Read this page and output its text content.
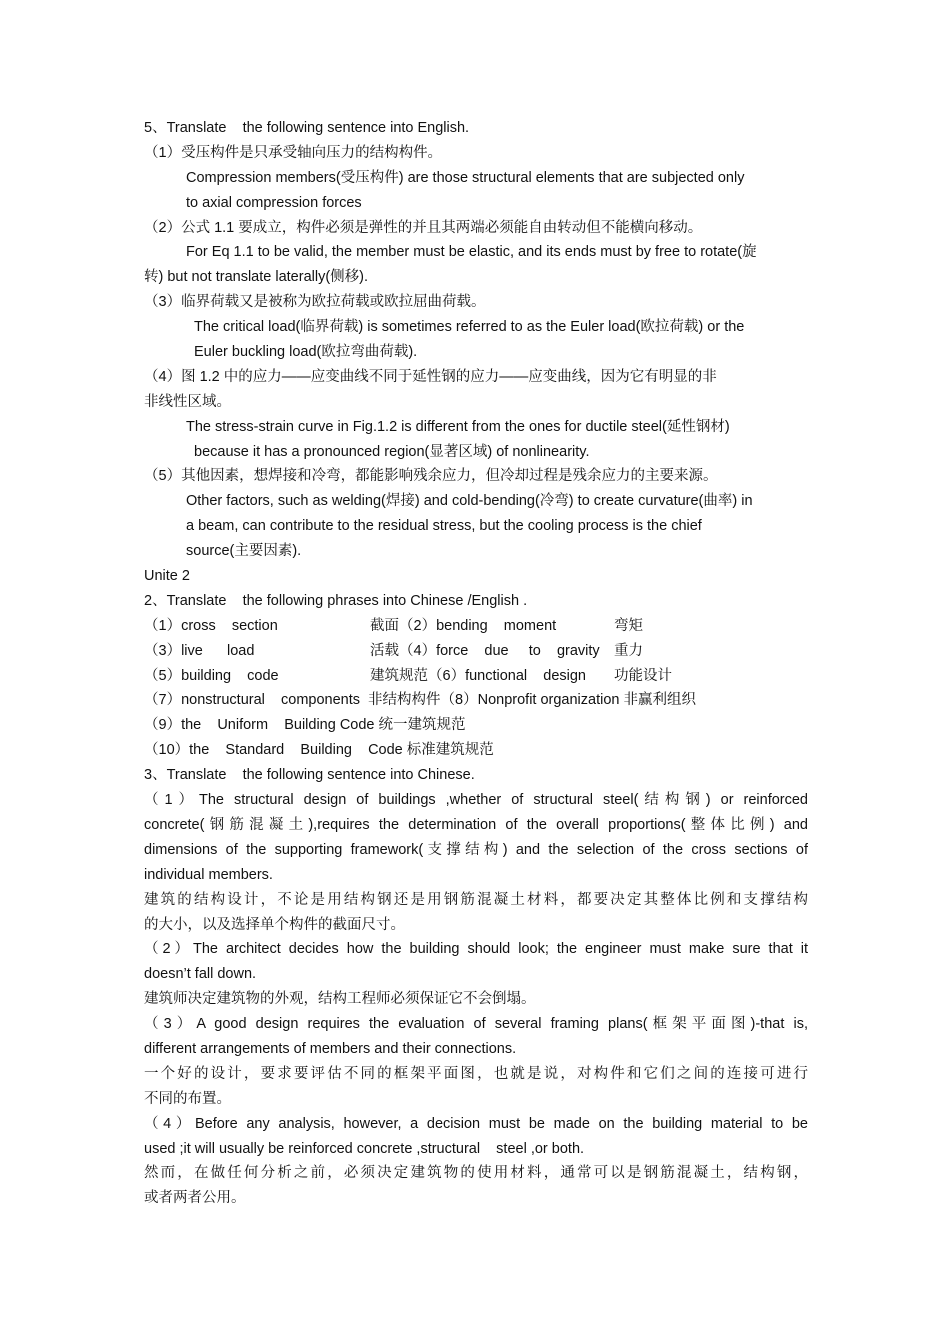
5、Translate    the following sentence into English.
（1）受压构件是只承受轴向压力的结构构件。
Compression members(受压构件) are those structural elements that are subjected only
to axial compression forces
（2）公式 1.1 要成立，构件必须是弹性的并且其两端必须能自由转动但不能横向移动。
For Eq 1.1 to be valid, the member must be elastic, and its ends must by free to rotate(旋
转) but not translate laterally(侧移).
（3）临界荷载又是被称为欧拉荷载或欧拉屈曲荷载。
The critical load(临界荷载) is sometimes referred to as the Euler load(欧拉荷载) or the
Euler buckling load(欧拉弯曲荷载).
（4）图 1.2 中的应力——应变曲线不同于延性钢的应力——应变曲线，因为它有明显的非
非线性区域。
The stress-strain curve in Fig.1.2 is different from the ones for ductile steel(延性钢材)
because it has a pronounced region(显著区域) of nonlinearity.
（5）其他因素，想焊接和冷弯，都能影响残余应力，但冷却过程是残余应力的主要来源。
Other factors, such as welding(焊接) and cold-bending(冷弯) to create curvature(曲率) in
a beam, can contribute to the residual stress, but the cooling process is the chief
source(主要因素).
Unite 2
2、Translate    the following phrases into Chinese /English .
（1）cross    section	截面（2）bending    moment	弯矩
（3）live      load	活载（4）force    due     to    gravity 重力
（5）building    code	建筑规范（6）functional    design	功能设计
（7）nonstructural    components  非结构构件（8）Nonprofit organization 非赢利组织
（9）the    Uniform    Building Code 统一建筑规范
（10）the    Standard    Building    Code 标准建筑规范
3、Translate    the following sentence into Chinese.
（1）The structural design of buildings ,whether of structural steel(结构钢) or reinforced
concrete(钢筋混凝土),requires the determination of the overall proportions(整体比例) and
dimensions of the supporting framework(支撑结构) and the selection of the cross sections of
individual members.
建筑的结构设计，不论是用结构钢还是用钢筋混凝土材料，都要决定其整体比例和支撑结构
的大小，以及选择单个构件的截面尺寸。
（2）The architect decides how the building should look; the engineer must make sure that it
doesn’t fall down.
建筑师决定建筑物的外观，结构工程师必须保证它不会倒塌。
（3）A good design requires the evaluation of several framing plans(框架平面图)-that is,
different arrangements of members and their connections.
一个好的设计，要求要评估不同的框架平面图，也就是说，对构件和它们之间的连接可进行
不同的布置。
（4）Before any analysis, however, a decision must be made on the building material to be
used ;it will usually be reinforced concrete ,structural    steel ,or both.
然而，在做任何分析之前，必须决定建筑物的使用材料，通常可以是钢筋混凝土，结构钢，
或者两者公用。
